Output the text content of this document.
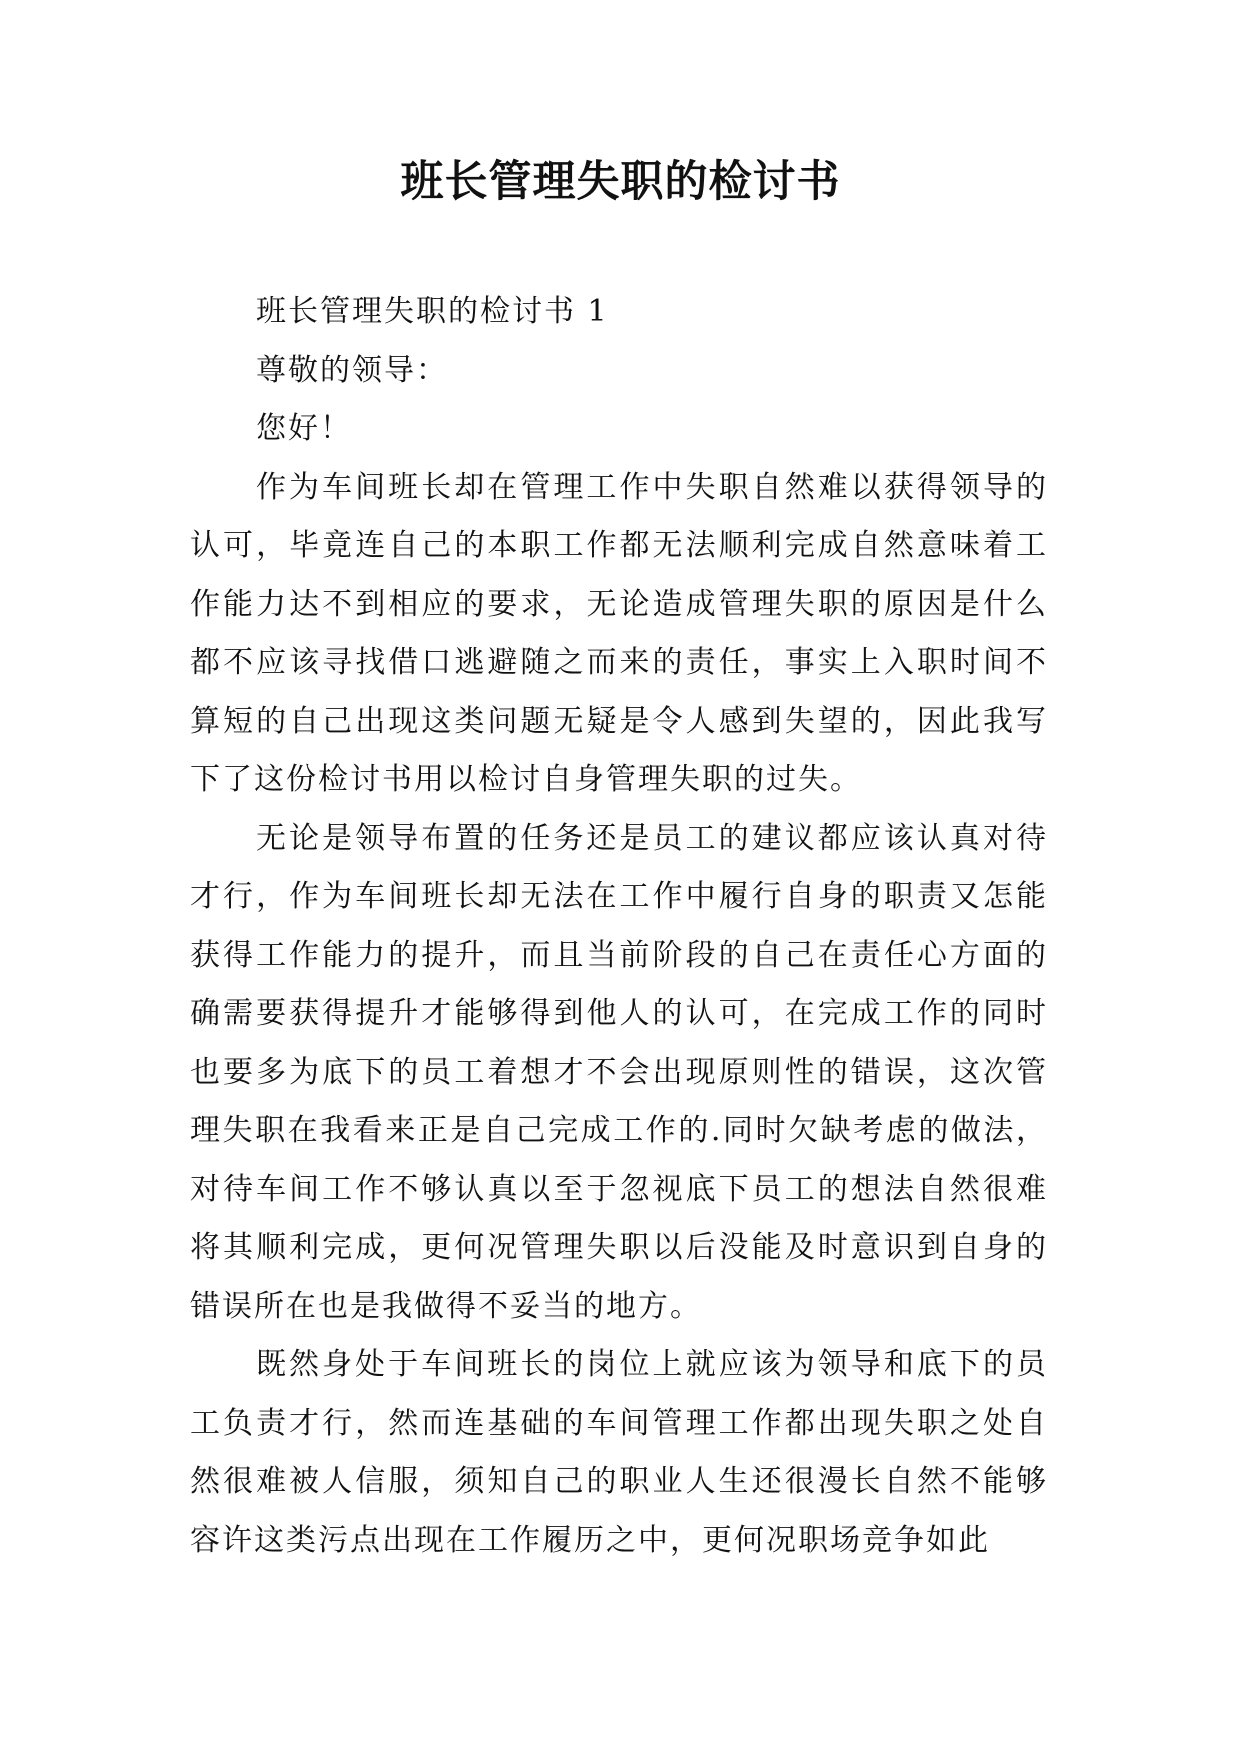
班长管理失职的检讨书

班长管理失职的检讨书 1

尊敬的领导：

您好！

作为车间班长却在管理工作中失职自然难以获得领导的认可，毕竟连自己的本职工作都无法顺利完成自然意味着工作能力达不到相应的要求，无论造成管理失职的原因是什么都不应该寻找借口逃避随之而来的责任，事实上入职时间不算短的自己出现这类问题无疑是令人感到失望的，因此我写下了这份检讨书用以检讨自身管理失职的过失。

无论是领导布置的任务还是员工的建议都应该认真对待才行，作为车间班长却无法在工作中履行自身的职责又怎能获得工作能力的提升，而且当前阶段的自己在责任心方面的确需要获得提升才能够得到他人的认可，在完成工作的同时也要多为底下的员工着想才不会出现原则性的错误，这次管理失职在我看来正是自己完成工作的.同时欠缺考虑的做法，对待车间工作不够认真以至于忽视底下员工的想法自然很难将其顺利完成，更何况管理失职以后没能及时意识到自身的错误所在也是我做得不妥当的地方。

既然身处于车间班长的岗位上就应该为领导和底下的员工负责才行，然而连基础的车间管理工作都出现失职之处自然很难被人信服，须知自己的职业人生还很漫长自然不能够容许这类污点出现在工作履历之中，更何况职场竞争如此
